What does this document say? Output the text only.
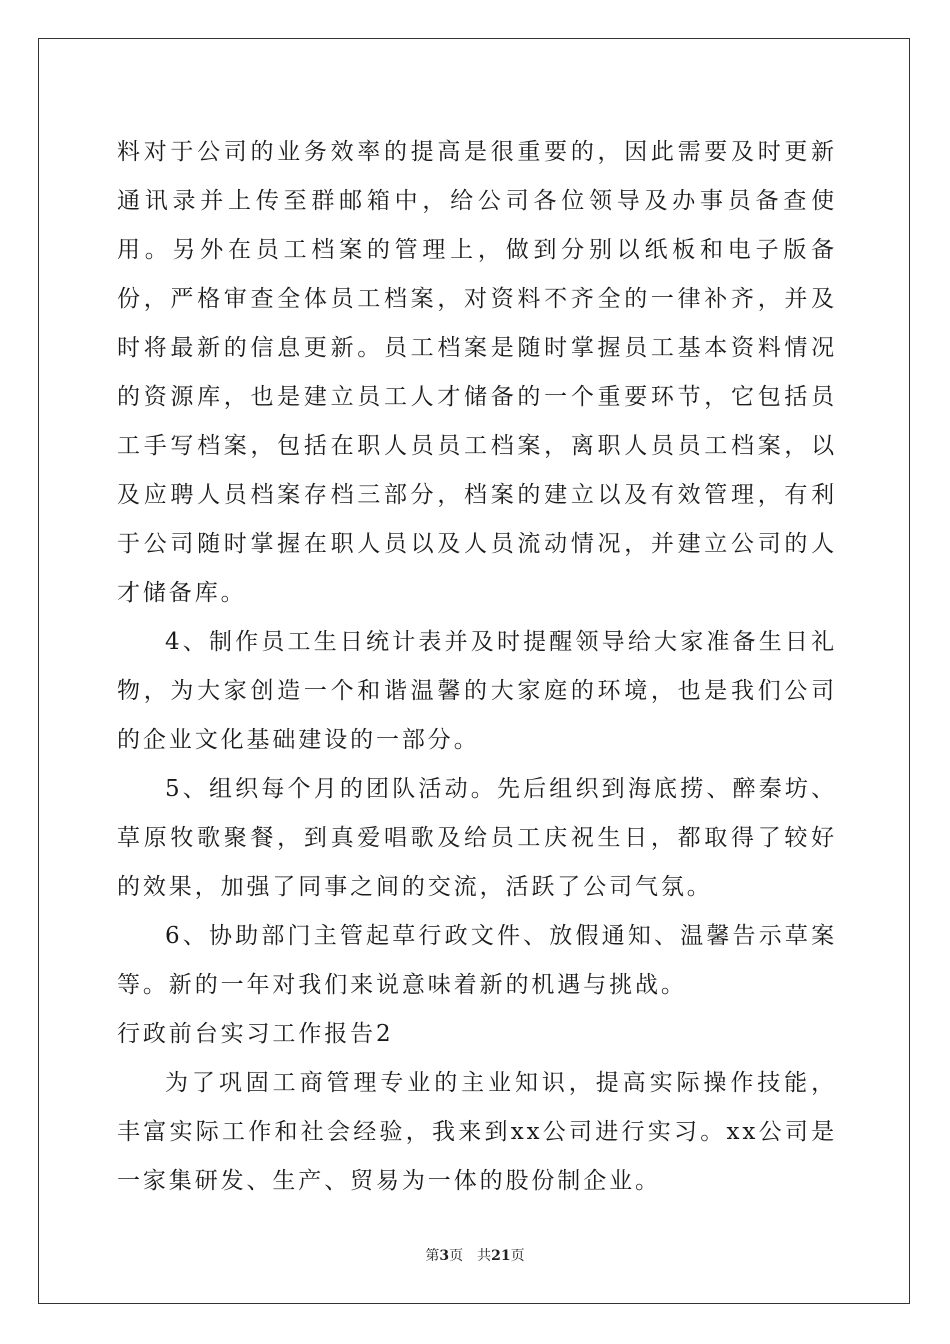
料对于公司的业务效率的提高是很重要的，因此需要及时更新通讯录并上传至群邮箱中，给公司各位领导及办事员备查使用。另外在员工档案的管理上，做到分别以纸板和电子版备份，严格审查全体员工档案，对资料不齐全的一律补齐，并及时将最新的信息更新。员工档案是随时掌握员工基本资料情况的资源库，也是建立员工人才储备的一个重要环节，它包括员工手写档案，包括在职人员员工档案，离职人员员工档案，以及应聘人员档案存档三部分，档案的建立以及有效管理，有利于公司随时掌握在职人员以及人员流动情况，并建立公司的人才储备库。

4、制作员工生日统计表并及时提醒领导给大家准备生日礼物，为大家创造一个和谐温馨的大家庭的环境，也是我们公司的企业文化基础建设的一部分。

5、组织每个月的团队活动。先后组织到海底捞、醉秦坊、草原牧歌聚餐，到真爱唱歌及给员工庆祝生日，都取得了较好的效果，加强了同事之间的交流，活跃了公司气氛。

6、协助部门主管起草行政文件、放假通知、温馨告示草案等。新的一年对我们来说意味着新的机遇与挑战。

行政前台实习工作报告2

为了巩固工商管理专业的主业知识，提高实际操作技能，丰富实际工作和社会经验，我来到xx公司进行实习。xx公司是一家集研发、生产、贸易为一体的股份制企业。

第3页 共21页
